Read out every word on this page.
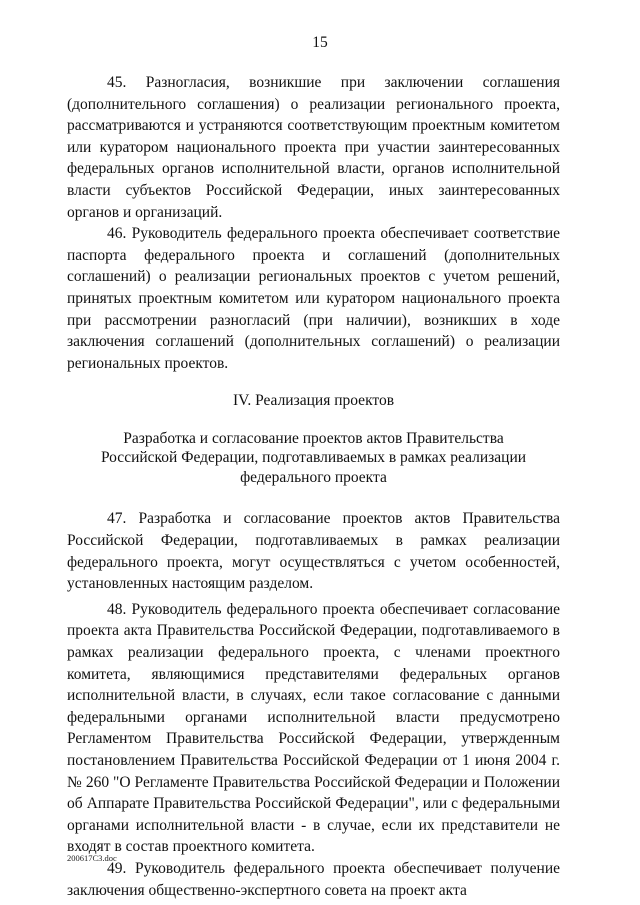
15

45. Разногласия, возникшие при заключении соглашения (дополнительного соглашения) о реализации регионального проекта, рассматриваются и устраняются соответствующим проектным комитетом или куратором национального проекта при участии заинтересованных федеральных органов исполнительной власти, органов исполнительной власти субъектов Российской Федерации, иных заинтересованных органов и организаций.

46. Руководитель федерального проекта обеспечивает соответствие паспорта федерального проекта и соглашений (дополнительных соглашений) о реализации региональных проектов с учетом решений, принятых проектным комитетом или куратором национального проекта при рассмотрении разногласий (при наличии), возникших в ходе заключения соглашений (дополнительных соглашений) о реализации региональных проектов.

IV. Реализация проектов
Разработка и согласование проектов актов Правительства
Российской Федерации, подготавливаемых в рамках реализации
федерального проекта

47. Разработка и согласование проектов актов Правительства Российской Федерации, подготавливаемых в рамках реализации федерального проекта, могут осуществляться с учетом особенностей, установленных настоящим разделом.

48. Руководитель федерального проекта обеспечивает согласование проекта акта Правительства Российской Федерации, подготавливаемого в рамках реализации федерального проекта, с членами проектного комитета, являющимися представителями федеральных органов исполнительной власти, в случаях, если такое согласование с данными федеральными органами исполнительной власти предусмотрено Регламентом Правительства Российской Федерации, утвержденным постановлением Правительства Российской Федерации от 1 июня 2004 г. № 260 "О Регламенте Правительства Российской Федерации и Положении об Аппарате Правительства Российской Федерации", или с федеральными органами исполнительной власти - в случае, если их представители не входят в состав проектного комитета.

49. Руководитель федерального проекта обеспечивает получение заключения общественно-экспертного совета на проект акта

200617C3.doc
